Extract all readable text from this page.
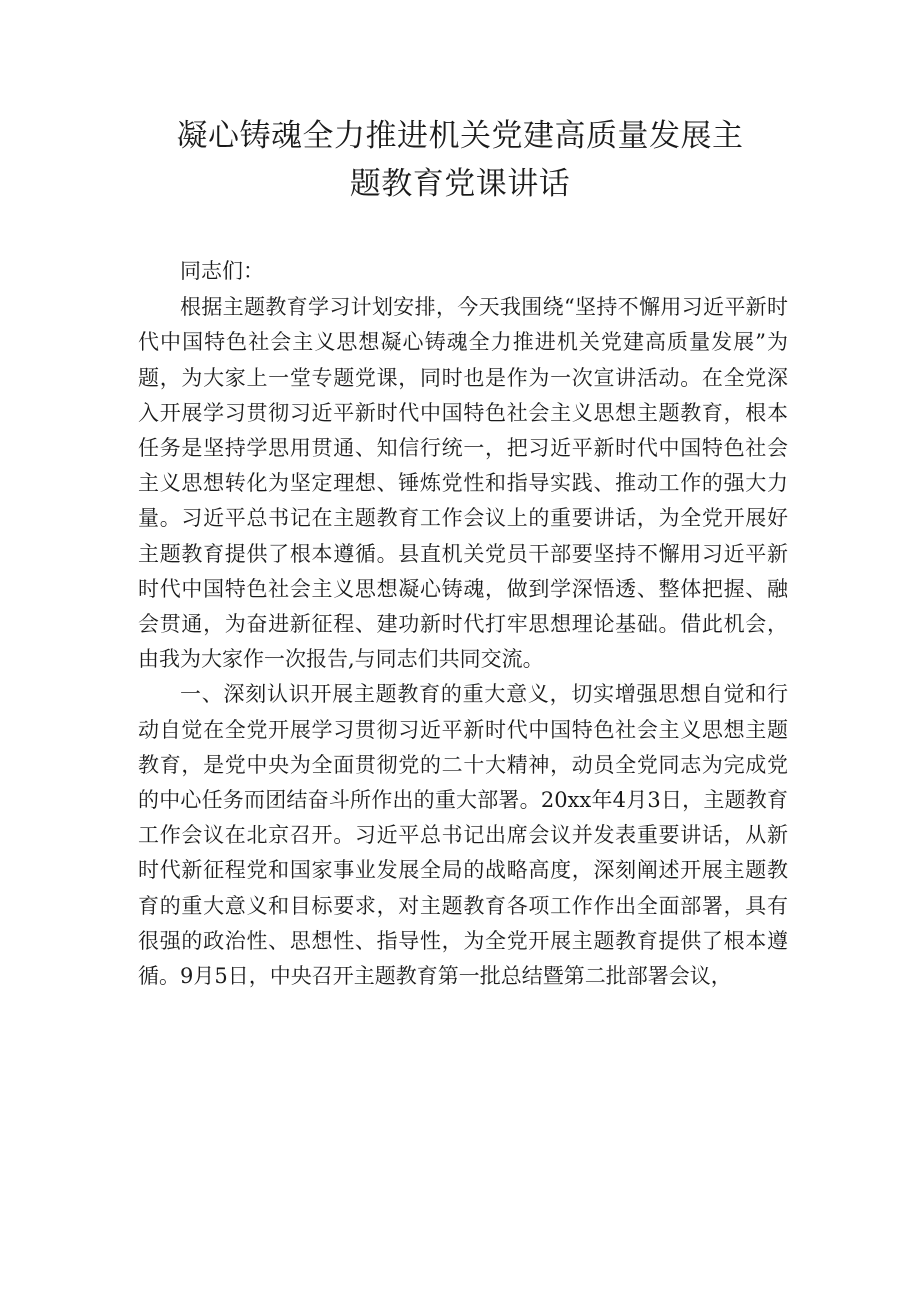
凝心铸魂全力推进机关党建高质量发展主
题教育党课讲话

同志们：

根据主题教育学习计划安排，今天我围绕“坚持不懈用习近平新时代中国特色社会主义思想凝心铸魂全力推进机关党建高质量发展”为题，为大家上一堂专题党课，同时也是作为一次宣讲活动。在全党深入开展学习贯彻习近平新时代中国特色社会主义思想主题教育，根本任务是坚持学思用贯通、知信行统一，把习近平新时代中国特色社会主义思想转化为坚定理想、锤炼党性和指导实践、推动工作的强大力量。习近平总书记在主题教育工作会议上的重要讲话，为全党开展好主题教育提供了根本遵循。县直机关党员干部要坚持不懈用习近平新时代中国特色社会主义思想凝心铸魂，做到学深悟透、整体把握、融会贯通，为奋进新征程、建功新时代打牢思想理论基础。借此机会，由我为大家作一次报告,与同志们共同交流。

一、深刻认识开展主题教育的重大意义，切实增强思想自觉和行动自觉在全党开展学习贯彻习近平新时代中国特色社会主义思想主题教育，是党中央为全面贯彻党的二十大精神，动员全党同志为完成党的中心任务而团结奋斗所作出的重大部署。20xx年4月3日，主题教育工作会议在北京召开。习近平总书记出席会议并发表重要讲话，从新时代新征程党和国家事业发展全局的战略高度，深刻阐述开展主题教育的重大意义和目标要求，对主题教育各项工作作出全面部署，具有很强的政治性、思想性、指导性，为全党开展主题教育提供了根本遵循。9月5日，中央召开主题教育第一批总结暨第二批部署会议，
